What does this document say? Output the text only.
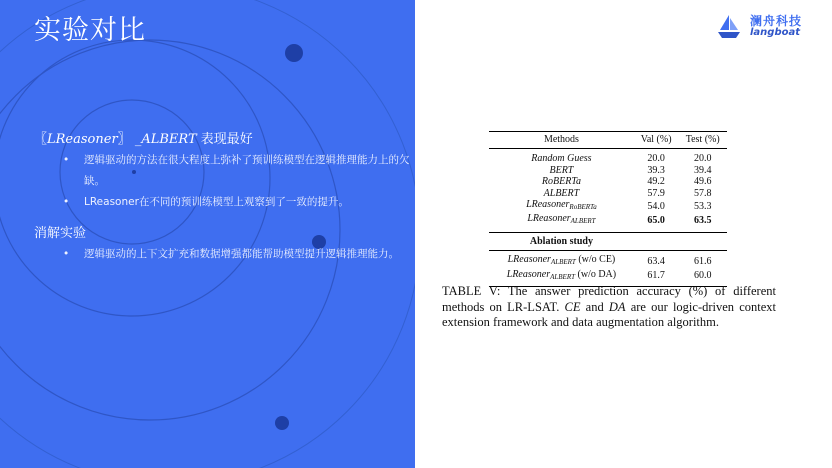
实验对比
〖LReasoner〗 _ALBERT 表现最好
• 逻辑驱动的方法在很大程度上弥补了预训练模型在逻辑推理能力上的欠缺。
• LReasoner在不同的预训练模型上观察到了一致的提升。
消解实验
• 逻辑驱动的上下文扩充和数据增强都能帮助模型提升逻辑推理能力。
澜舟科技
langboat
Methods	Val (%)	Test (%)
Random Guess	20.0	20.0
BERT	39.3	39.4
RoBERTa	49.2	49.6
ALBERT	57.9	57.8
LReasoner$_{RoBERTa}$	54.0	53.3
LReasoner$_{ALBERT}$	65.0	63.5
Ablation study		
LReasoner$_{ALBERT}$ (w/o CE)	63.4	61.6
LReasoner$_{ALBERT}$ (w/o DA)	61.7	60.0
TABLE V: The answer prediction accuracy (%) of different methods on LR-LSAT. CE and DA are our logic-driven context extension framework and data augmentation algorithm.
